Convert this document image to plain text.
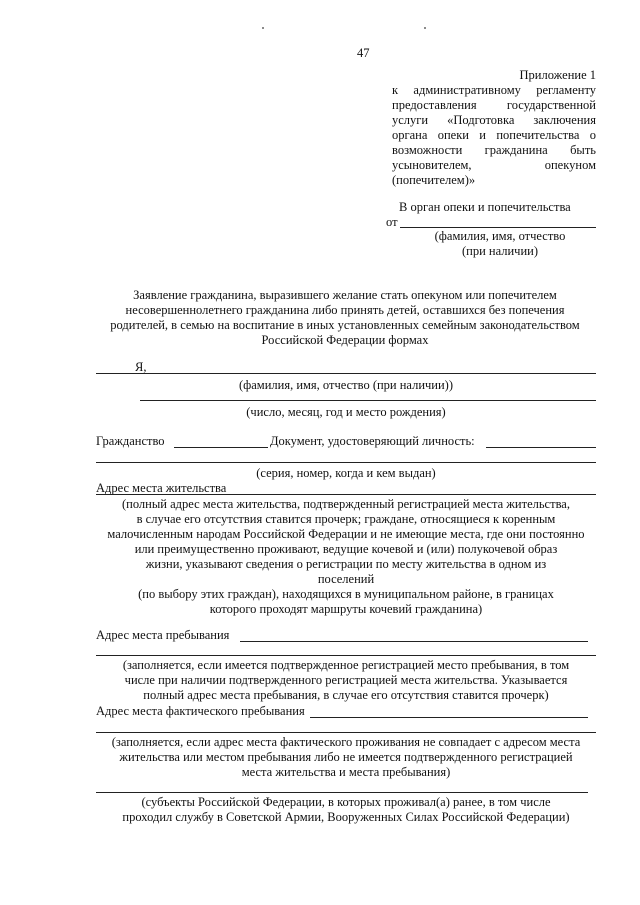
47
Приложение 1
к административному регламенту
предоставления государственной
услуги «Подготовка заключения
органа опеки и попечительства о
возможности гражданина быть
усыновителем, опекуном
(попечителем)»
В орган опеки и попечительства
от
(фамилия, имя, отчество
(при наличии)
Заявление гражданина, выразившего желание стать опекуном или попечителем
несовершеннолетнего гражданина либо принять детей, оставшихся без попечения
родителей, в семью на воспитание в иных установленных семейным законодательством
Российской Федерации формах
Я,
(фамилия, имя, отчество (при наличии))
(число, месяц, год и место рождения)
Гражданство	Документ, удостоверяющий личность:
(серия, номер, когда и кем выдан)
Адрес места жительства
(полный адрес места жительства, подтвержденный регистрацией места жительства,
в случае его отсутствия ставится прочерк; граждане, относящиеся к коренным
малочисленным народам Российской Федерации и не имеющие места, где они постоянно
или преимущественно проживают, ведущие кочевой и (или) полукочевой образ
жизни, указывают сведения о регистрации по месту жительства в одном из
поселений
(по выбору этих граждан), находящихся в муниципальном районе, в границах
которого проходят маршруты кочевий гражданина)
Адрес места пребывания
(заполняется, если имеется подтвержденное регистрацией место пребывания, в том
числе при наличии подтвержденного регистрацией места жительства. Указывается
полный адрес места пребывания, в случае его отсутствия ставится прочерк)
Адрес места фактического пребывания
(заполняется, если адрес места фактического проживания не совпадает с адресом места
жительства или местом пребывания либо не имеется подтвержденного регистрацией
места жительства и места пребывания)
(субъекты Российской Федерации, в которых проживал(а) ранее, в том числе
проходил службу в Советской Армии, Вооруженных Силах Российской Федерации)
